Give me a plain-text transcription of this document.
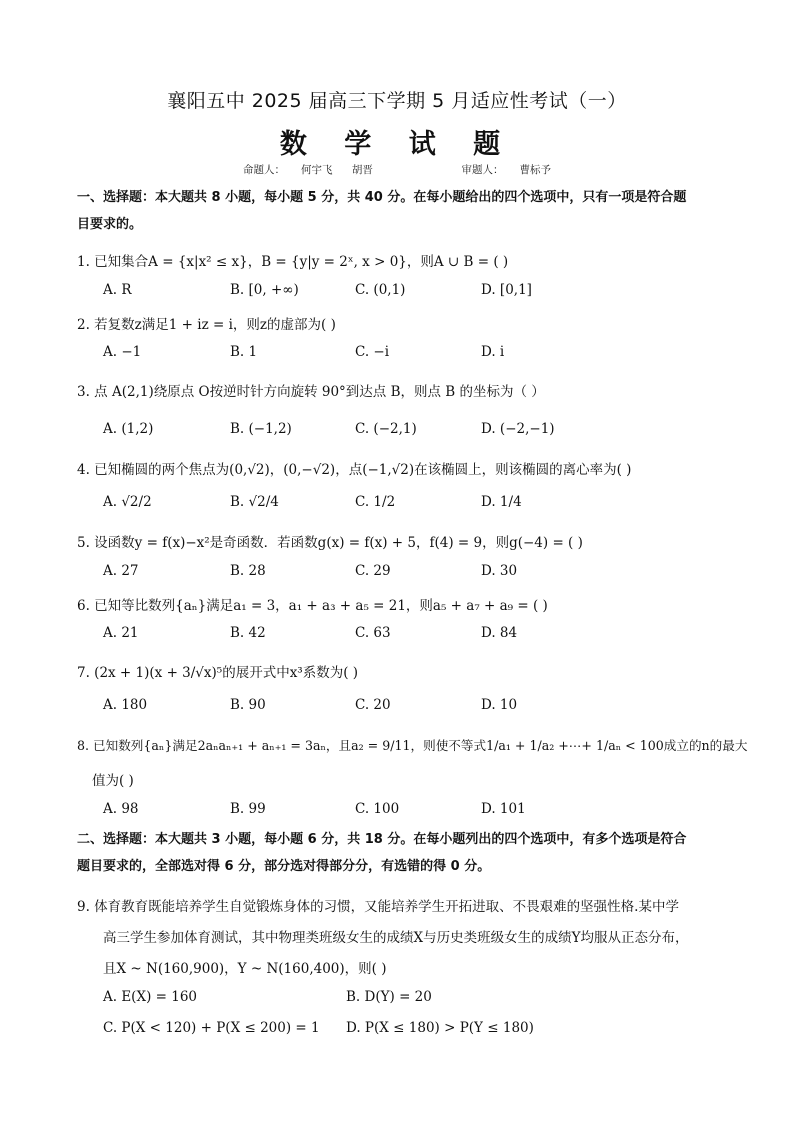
襄阳五中 2025 届高三下学期 5 月适应性考试（一）
数 学 试 题
命题人： 何宇飞 胡晋	审题人： 曹标予
一、选择题：本大题共 8 小题，每小题 5 分，共 40 分。在每小题给出的四个选项中，只有一项是符合题
目要求的。
1. 已知集合A = {x|x² ≤ x}，B = {y|y = 2ˣ, x > 0}，则A ∪ B = ( )
A. R	B. [0, +∞)	C. (0,1)	D. [0,1]
2. 若复数z满足1 + iz = i，则z的虚部为( )
A. −1	B. 1	C. −i	D. i
3. 点 A(2,1)绕原点 O按逆时针方向旋转 90°到达点 B，则点 B 的坐标为（ ）
A. (1,2)	B. (−1,2)	C. (−2,1)	D. (−2,−1)
4. 已知椭圆的两个焦点为(0,√2)，(0,−√2)，点(−1,√2)在该椭圆上，则该椭圆的离心率为( )
A. √2/2	B. √2/4	C. 1/2	D. 1/4
5. 设函数y = f(x)−x²是奇函数．若函数g(x) = f(x) + 5，f(4) = 9，则g(−4) = ( )
A. 27	B. 28	C. 29	D. 30
6. 已知等比数列{aₙ}满足a₁ = 3，a₁ + a₃ + a₅ = 21，则a₅ + a₇ + a₉ = ( )
A. 21	B. 42	C. 63	D. 84
7. (2x + 1)(x + 3/√x)⁵的展开式中x³系数为( )
A. 180	B. 90	C. 20	D. 10
8. 已知数列{aₙ}满足2aₙaₙ₊₁ + aₙ₊₁ = 3aₙ，且a₂ = 9/11，则使不等式1/a₁ + 1/a₂ +⋯+ 1/aₙ < 100成立的n的最大
值为( )
A. 98	B. 99	C. 100	D. 101
二、选择题：本大题共 3 小题，每小题 6 分，共 18 分。在每小题列出的四个选项中，有多个选项是符合
题目要求的，全部选对得 6 分，部分选对得部分分，有选错的得 0 分。
9. 体育教育既能培养学生自觉锻炼身体的习惯，又能培养学生开拓进取、不畏艰难的坚强性格.某中学
高三学生参加体育测试，其中物理类班级女生的成绩X与历史类班级女生的成绩Y均服从正态分布，
且X ~ N(160,900)，Y ~ N(160,400)，则( )
A. E(X) = 160	B. D(Y) = 20
C. P(X < 120) + P(X ≤ 200) = 1 D. P(X ≤ 180) > P(Y ≤ 180)
